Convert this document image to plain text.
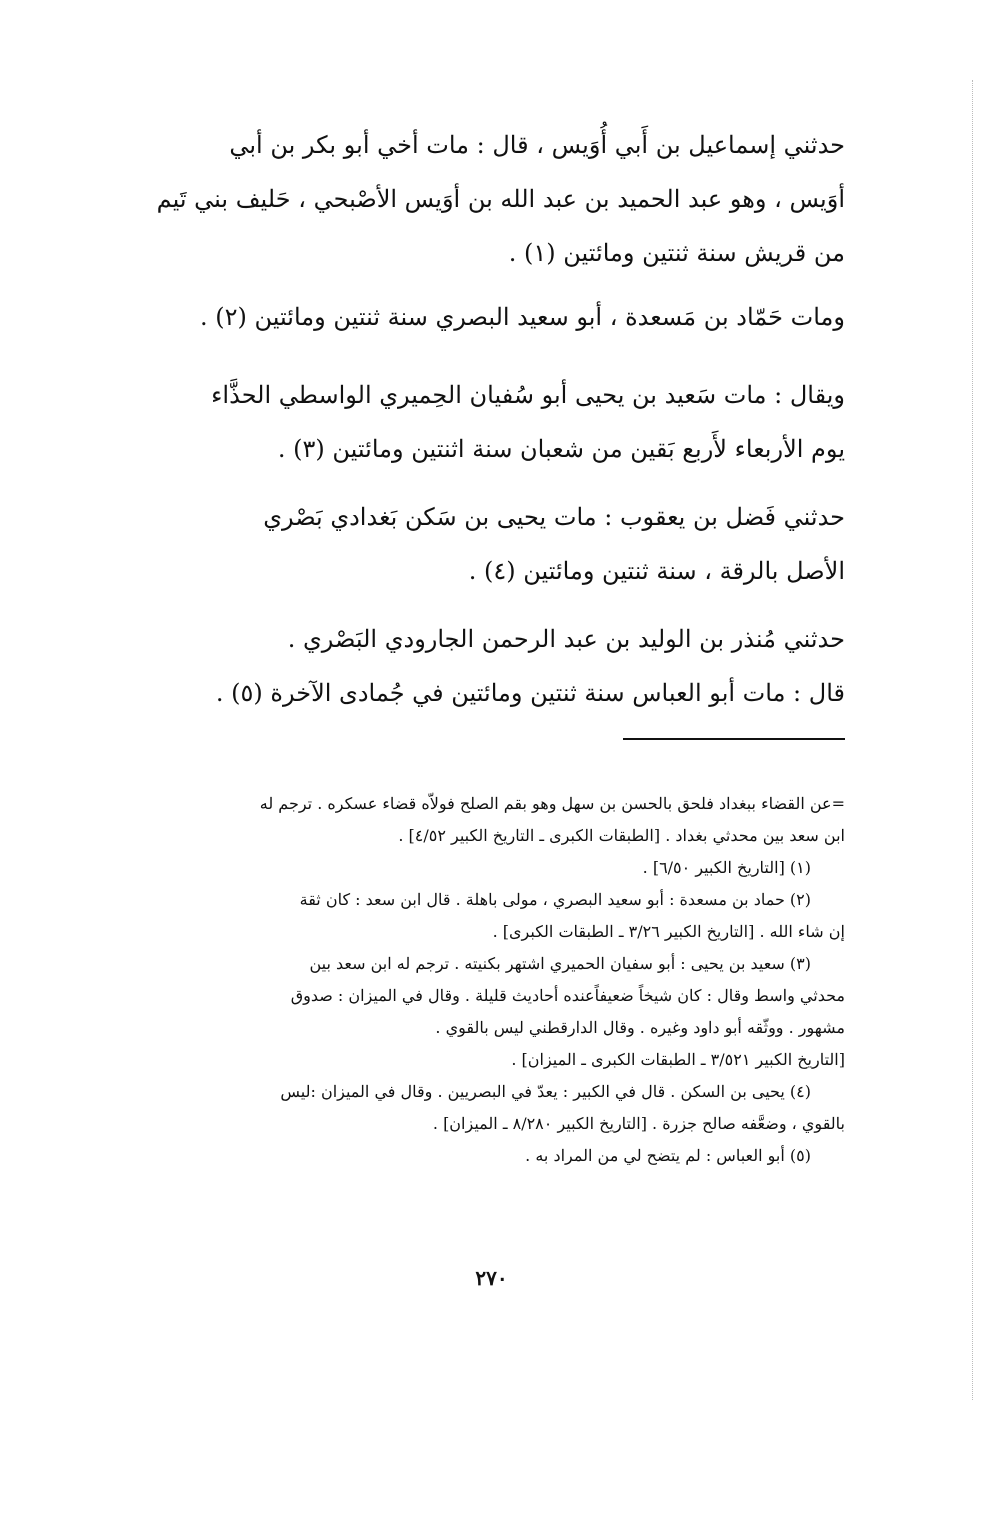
حدثني إسماعيل بن أَبي أُوَيس ، قال : مات أخي أبو بكر بن أبي
أوَيس ، وهو عبد الحميد بن عبد الله بن أوَيس الأصْبحي ، حَليف بني تَيم
من قريش سنة ثنتين ومائتين (١) .
ومات حَمّاد بن مَسعدة ، أبو سعيد البصري سنة ثنتين ومائتين (٢) .
ويقال : مات سَعيد بن يحيى أبو سُفيان الحِميري الواسطي الحذَّاء
يوم الأربعاء لأَربع بَقين من شعبان سنة اثنتين ومائتين (٣) .
حدثني فَضل بن يعقوب : مات يحيى بن سَكن بَغدادي بَصْري
الأصل بالرقة ، سنة ثنتين ومائتين (٤) .
حدثني مُنذر بن الوليد بن عبد الرحمن الجارودي البَصْري .
قال : مات أبو العباس سنة ثنتين ومائتين في جُمادى الآخرة (٥) .
=عن القضاء ببغداد فلحق بالحسن بن سهل وهو بقم الصلح فولاّه قضاء عسكره . ترجم له
ابن سعد بين محدثي بغداد . [الطبقات الكبرى ـ التاريخ الكبير ٤/٥٢] .
(١) [التاريخ الكبير ٦/٥٠] .
(٢) حماد بن مسعدة : أبو سعيد البصري ، مولى باهلة . قال ابن سعد : كان ثقة
إن شاء الله . [التاريخ الكبير ٣/٢٦ ـ الطبقات الكبرى] .
(٣) سعيد بن يحيى : أبو سفيان الحميري اشتهر بكنيته . ترجم له ابن سعد بين
محدثي واسط وقال : كان شيخاً ضعيفاًعنده أحاديث قليلة . وقال في الميزان : صدوق
مشهور . ووثّقه أبو داود وغيره . وقال الدارقطني ليس بالقوي .
[التاريخ الكبير ٣/٥٢١ ـ الطبقات الكبرى ـ الميزان] .
(٤) يحيى بن السكن . قال في الكبير : يعدّ في البصريين . وقال في الميزان :ليس
بالقوي ، وضعَّفه صالح جزرة . [التاريخ الكبير ٨/٢٨٠ ـ الميزان] .
(٥) أبو العباس : لم يتضح لي من المراد به .
٢٧٠
